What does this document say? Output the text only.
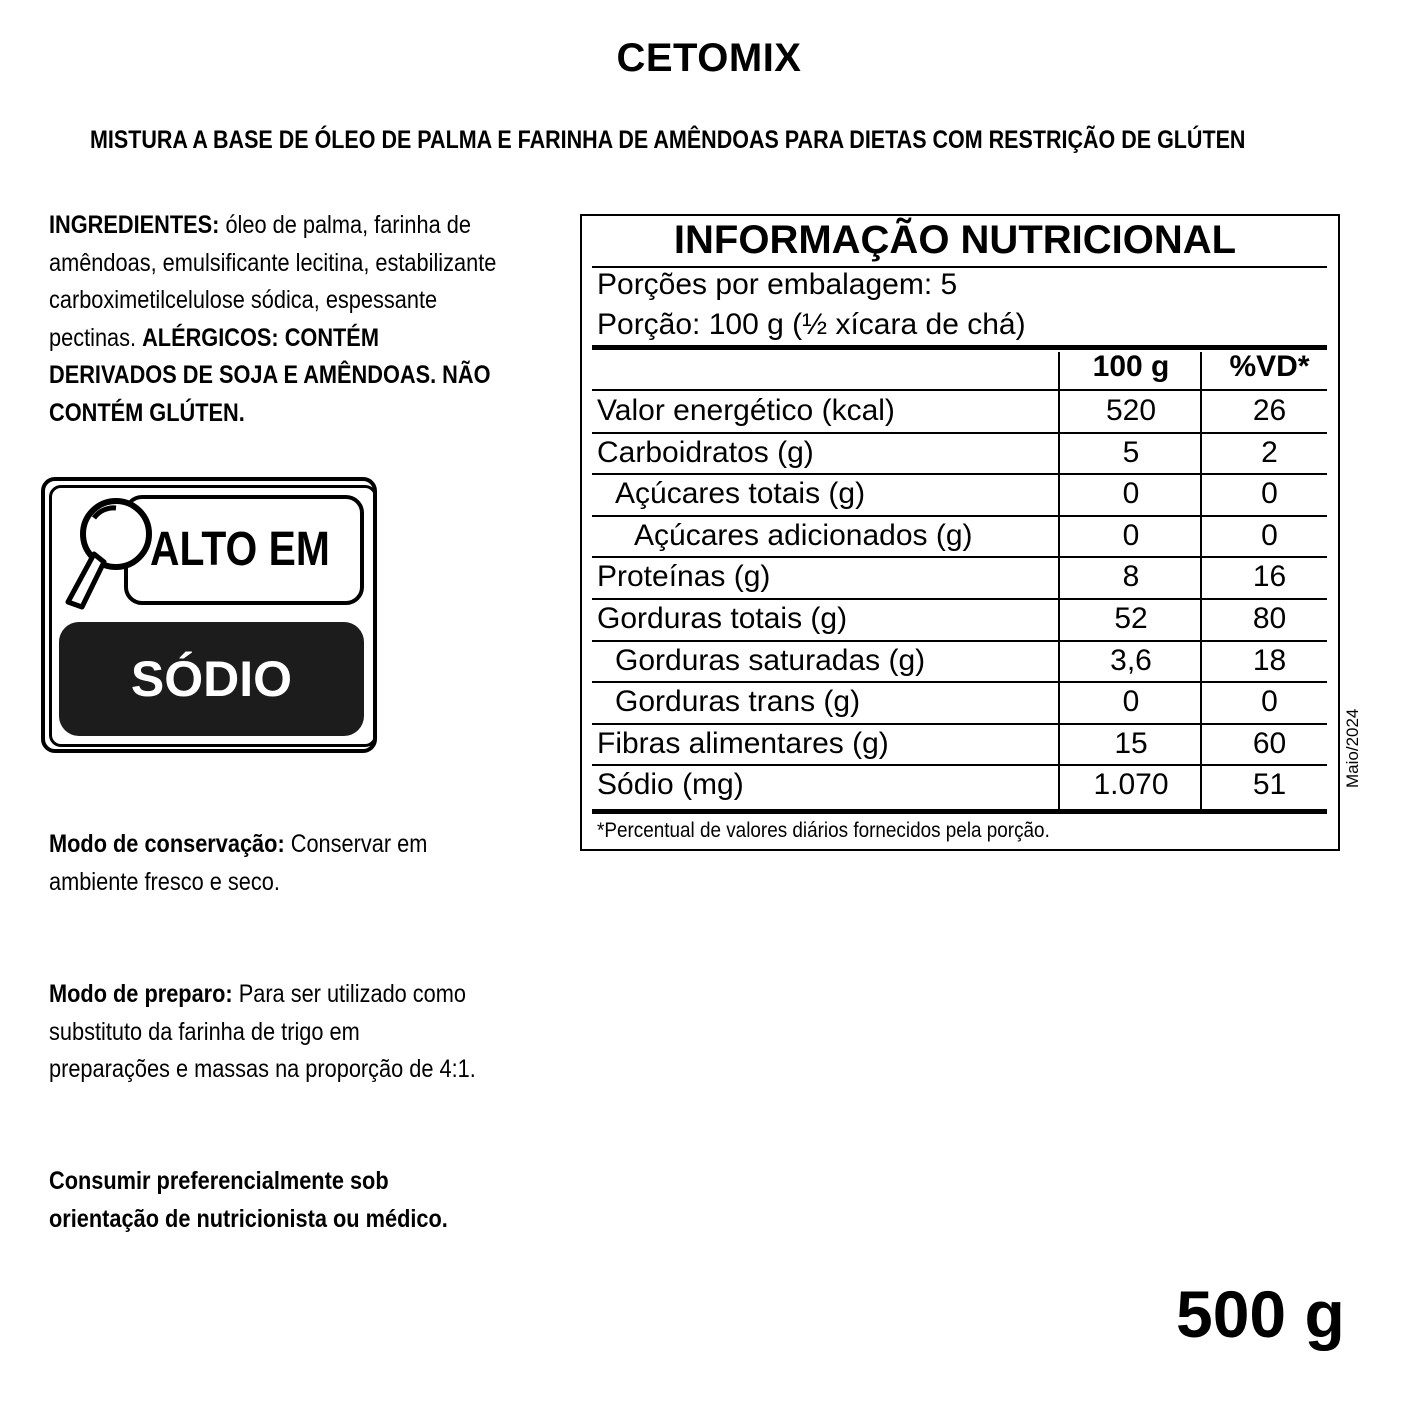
CETOMIX
MISTURA A BASE DE ÓLEO DE PALMA E FARINHA DE AMÊNDOAS PARA DIETAS COM RESTRIÇÃO DE GLÚTEN
INGREDIENTES: óleo de palma, farinha de
amêndoas, emulsificante lecitina, estabilizante
carboximetilcelulose sódica, espessante
pectinas. ALÉRGICOS: CONTÉM
DERIVADOS DE SOJA E AMÊNDOAS. NÃO
CONTÉM GLÚTEN.
ALTO EM
SÓDIO
Modo de conservação: Conservar em
ambiente fresco e seco.
Modo de preparo: Para ser utilizado como
substituto da farinha de trigo em
preparações e massas na proporção de 4:1.
Consumir preferencialmente sob
orientação de nutricionista ou médico.
INFORMAÇÃO NUTRICIONAL
Porções por embalagem: 5
Porção: 100 g (½ xícara de chá)
100 g	%VD*
Valor energético (kcal)	520	26
Carboidratos (g)	5	2
Açúcares totais (g)	0	0
Açúcares adicionados (g)	0	0
Proteínas (g)	8	16
Gorduras totais (g)	52	80
Gorduras saturadas (g)	3,6	18
Gorduras trans (g)	0	0
Fibras alimentares (g)	15	60
Sódio (mg)	1.070	51
*Percentual de valores diários fornecidos pela porção.
Maio/2024
500 g
